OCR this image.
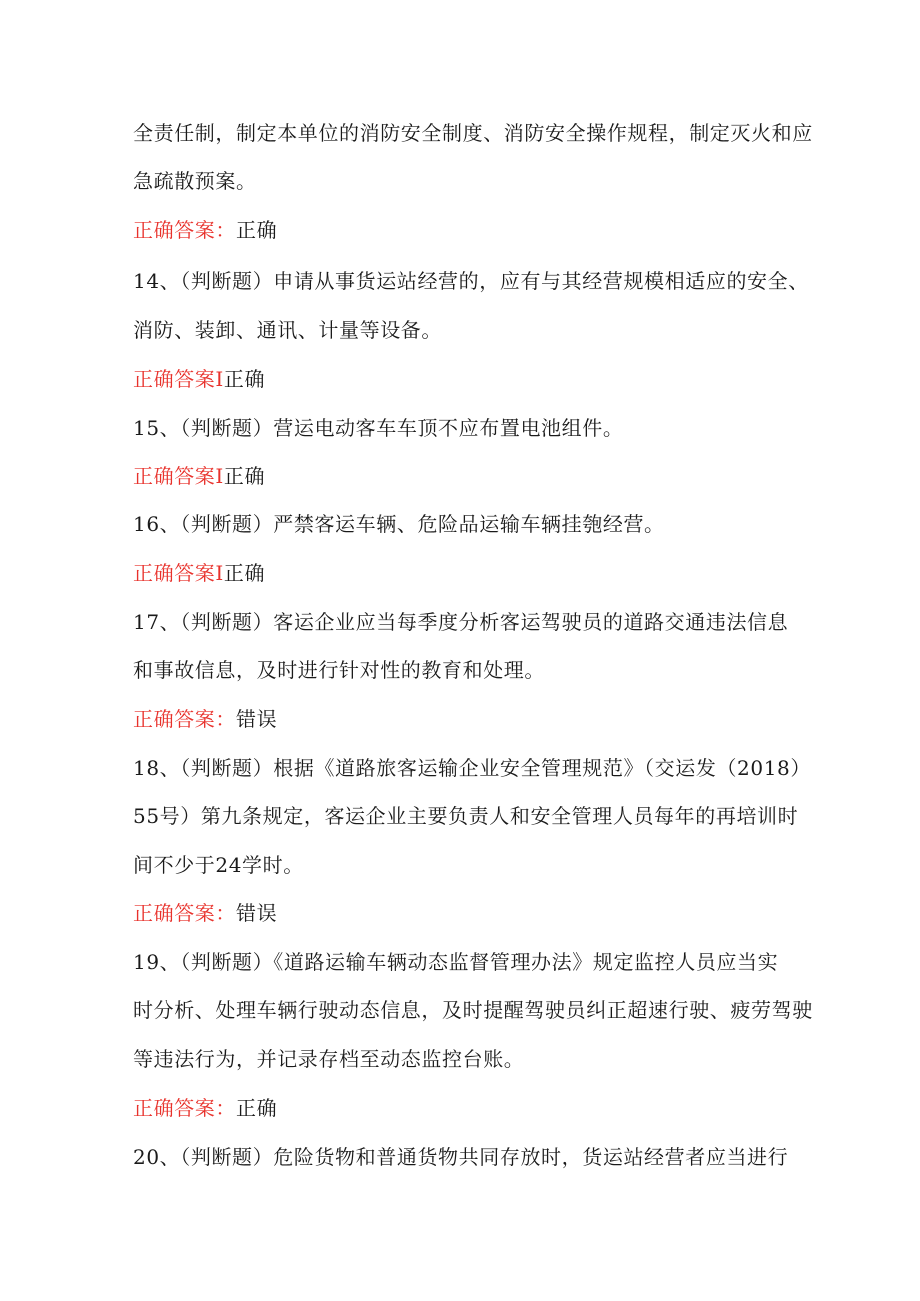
全责任制，制定本单位的消防安全制度、消防安全操作规程，制定灭火和应
急疏散预案。
正确答案：正确
14、（判断题）申请从事货运站经营的，应有与其经营规模相适应的安全、
消防、装卸、通讯、计量等设备。
正确答案I正确
15、（判断题）营运电动客车车顶不应布置电池组件。
正确答案I正确
16、（判断题）严禁客运车辆、危险品运输车辆挂匏经营。
正确答案I正确
17、（判断题）客运企业应当每季度分析客运驾驶员的道路交通违法信息
和事故信息，及时进行针对性的教育和处理。
正确答案：错误
18、（判断题）根据《道路旅客运输企业安全管理规范》（交运发（2018）
55号）第九条规定，客运企业主要负责人和安全管理人员每年的再培训时
间不少于24学时。
正确答案：错误
19、（判断题）《道路运输车辆动态监督管理办法》规定监控人员应当实
时分析、处理车辆行驶动态信息，及时提醒驾驶员纠正超速行驶、疲劳驾驶
等违法行为，并记录存档至动态监控台账。
正确答案：正确
20、（判断题）危险货物和普通货物共同存放时，货运站经营者应当进行
